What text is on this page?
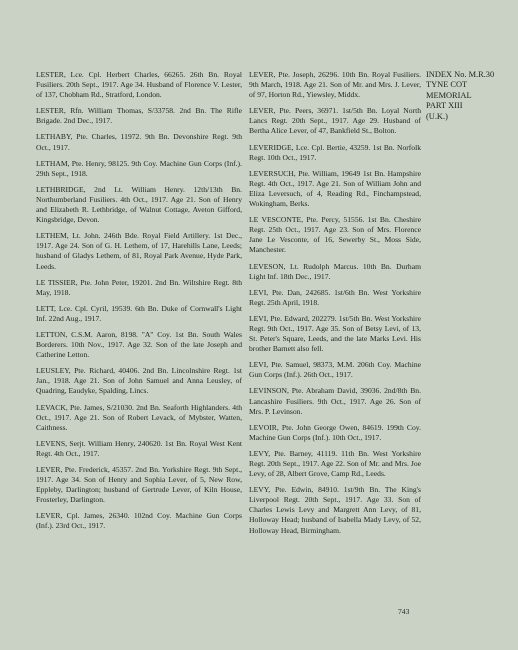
LESTER, Lce. Cpl. Herbert Charles, 66265. 26th Bn. Royal Fusiliers. 20th Sept., 1917. Age 34. Husband of Florence V. Lester, of 137, Chobham Rd., Stratford, London.

LESTER, Rfn. William Thomas, S/33758. 2nd Bn. The Rifle Brigade. 2nd Dec., 1917.

LETHABY, Pte. Charles, 11972. 9th Bn. Devonshire Regt. 9th Oct., 1917.

LETHAM, Pte. Henry, 98125. 9th Coy. Machine Gun Corps (Inf.). 29th Sept., 1918.

LETHBRIDGE, 2nd Lt. William Henry. 12th/13th Bn. Northumberland Fusiliers. 4th Oct., 1917. Age 21. Son of Henry and Elizabeth R. Lethbridge, of Walnut Cottage, Aveton Gifford, Kingsbridge, Devon.

LETHEM, Lt. John. 246th Bde. Royal Field Artillery. 1st Dec., 1917. Age 24. Son of G. H. Lethem, of 17, Harehills Lane, Leeds; husband of Gladys Lethem, of 81, Royal Park Avenue, Hyde Park, Leeds.

LE TISSIER, Pte. John Peter, 19201. 2nd Bn. Wiltshire Regt. 8th May, 1918.

LETT, Lce. Cpl. Cyril, 19539. 6th Bn. Duke of Cornwall's Light Inf. 22nd Aug., 1917.

LETTON, C.S.M. Aaron, 8198. "A" Coy. 1st Bn. South Wales Borderers. 10th Nov., 1917. Age 32. Son of the late Joseph and Catherine Letton.

LEUSLEY, Pte. Richard, 40406. 2nd Bn. Lincolnshire Regt. 1st Jan., 1918. Age 21. Son of John Samuel and Anna Leusley, of Quadring, Eaudyke, Spalding, Lincs.

LEVACK, Pte. James, S/21030. 2nd Bn. Seaforth Highlanders. 4th Oct., 1917. Age 21. Son of Robert Levack, of Mybster, Watten, Caithness.

LEVENS, Serjt. William Henry, 240620. 1st Bn. Royal West Kent Regt. 4th Oct., 1917.

LEVER, Pte. Frederick, 45357. 2nd Bn. Yorkshire Regt. 9th Sept., 1917. Age 34. Son of Henry and Sophia Lever, of 5, New Row, Eppleby, Darlington; husband of Gertrude Lever, of Kiln House, Frosterley, Darlington.

LEVER, Cpl. James, 26340. 102nd Coy. Machine Gun Corps (Inf.). 23rd Oct., 1917.

LEVER, Pte. Joseph, 26296. 10th Bn. Royal Fusiliers. 9th March, 1918. Age 21. Son of Mr. and Mrs. J. Lever, of 97, Horton Rd., Yiewsley, Middx.

LEVER, Pte. Peers, 36971. 1st/5th Bn. Loyal North Lancs Regt. 20th Sept., 1917. Age 29. Husband of Bertha Alice Lever, of 47, Bankfield St., Bolton.

LEVERIDGE, Lce. Cpl. Bertie, 43259. 1st Bn. Norfolk Regt. 10th Oct., 1917.

LEVERSUCH, Pte. William, 19649 1st Bn. Hampshire Regt. 4th Oct., 1917. Age 21. Son of William John and Eliza Leversuch, of 4, Reading Rd., Finchampstead, Wokingham, Berks.

LE VESCONTE, Pte. Percy, 51556. 1st Bn. Cheshire Regt. 25th Oct., 1917. Age 23. Son of Mrs. Florence Jane Le Vesconte, of 16, Sewerby St., Moss Side, Manchester.

LEVESON, Lt. Rudolph Marcus. 10th Bn. Durham Light Inf. 18th Dec., 1917.

LEVI, Pte. Dan, 242685. 1st/6th Bn. West Yorkshire Regt. 25th April, 1918.

LEVI, Pte. Edward, 202279. 1st/5th Bn. West Yorkshire Regt. 9th Oct., 1917. Age 35. Son of Betsy Levi, of 13, St. Peter's Square, Leeds, and the late Marks Levi. His brother Barnett also fell.

LEVI, Pte. Samuel, 98373, M.M. 206th Coy. Machine Gun Corps (Inf.). 26th Oct., 1917.

LEVINSON, Pte. Abraham David, 39036. 2nd/8th Bn. Lancashire Fusiliers. 9th Oct., 1917. Age 26. Son of Mrs. P. Levinson.

LEVOIR, Pte. John George Owen, 84619. 199th Coy. Machine Gun Corps (Inf.). 10th Oct., 1917.

LEVY, Pte. Barney, 41119. 11th Bn. West Yorkshire Regt. 20th Sept., 1917. Age 22. Son of Mr. and Mrs. Joe Levy, of 28, Albert Grove, Camp Rd., Leeds.

LEVY, Pte. Edwin, 84910. 1st/9th Bn. The King's Liverpool Regt. 20th Sept., 1917. Age 33. Son of Charles Lewis Levy and Margrett Ann Levy, of 81, Holloway Head; husband of Isabella Mady Levy, of 52, Holloway Head, Birmingham.

INDEX No. M.R.30
TYNE COT
MEMORIAL
PART XIII
(U.K.)
743
